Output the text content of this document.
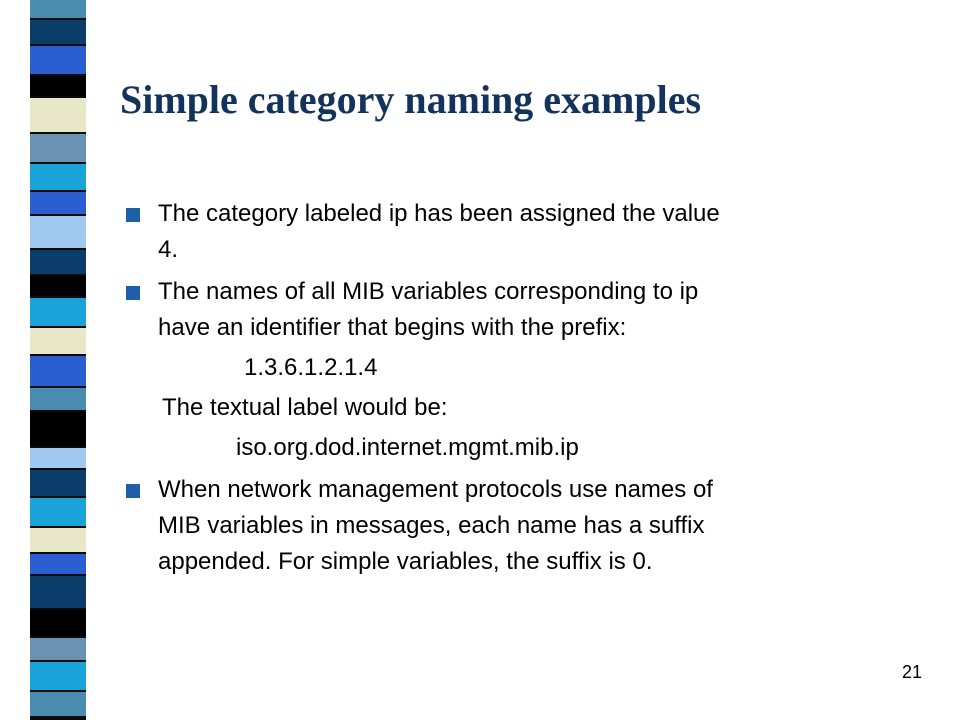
Simple category naming examples
The category labeled ip has been assigned the value
4.
The names of all MIB variables corresponding to ip
have an identifier that begins with the prefix:
1.3.6.1.2.1.4
The textual label would be:
iso.org.dod.internet.mgmt.mib.ip
When network management protocols use names of
MIB variables in messages, each name has a suffix
appended. For simple variables, the suffix is 0.
21
